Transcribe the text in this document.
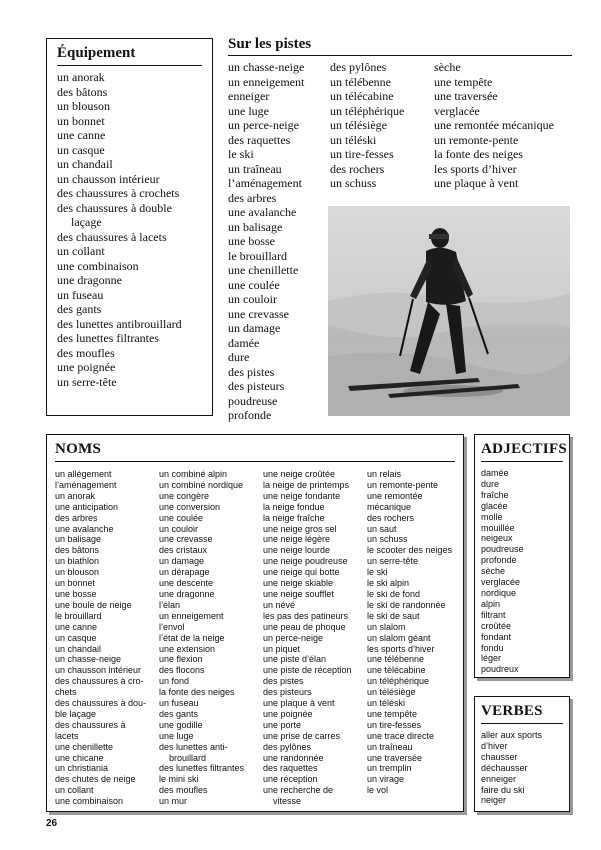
Équipement
un anorak
des bâtons
un blouson
un bonnet
une canne
un casque
un chandail
un chausson intérieur
des chaussures à crochets
des chaussures à double
laçage
des chaussures à lacets
un collant
une combinaison
une dragonne
un fuseau
des gants
des lunettes antibrouillard
des lunettes filtrantes
des moufles
une poignée
un serre-tête
Sur les pistes
un chasse-neige
un enneigement
enneiger
une luge
un perce-neige
des raquettes
le ski
un traîneau
l’aménagement
des arbres
une avalanche
un balisage
une bosse
le brouillard
une chenillette
une coulée
un couloir
une crevasse
un damage
damée
dure
des pistes
des pisteurs
poudreuse
profonde
des pylônes
un télébenne
un télécabine
un téléphérique
un télésiège
un téléski
un tire-fesses
des rochers
un schuss
sèche
une tempête
une traversée
verglacée
une remontée mécanique
un remonte-pente
la fonte des neiges
les sports d’hiver
une plaque à vent
NOMS
un allégement
l’aménagement
un anorak
une anticipation
des arbres
une avalanche
un balisage
des bâtons
un biathlon
un blouson
un bonnet
une bosse
une boule de neige
le brouillard
une canne
un casque
un chandail
un chasse-neige
un chausson intérieur
des chaussures à cro-
chets
des chaussures à dou-
ble laçage
des chaussures à
lacets
une chenillette
une chicane
un christiania
des chutes de neige
un collant
une combinaison
un combiné alpin
un combiné nordique
une congère
une conversion
une coulée
un couloir
une crevasse
des cristaux
un damage
un dérapage
une descente
une dragonne
l’élan
un enneigement
l’envol
l’état de la neige
une extension
une flexion
des flocons
un fond
la fonte des neiges
un fuseau
des gants
une godille
une luge
des lunettes anti-
brouillard
des lunettes filtrantes
le mini ski
des moufles
un mur
une neige croûtée
la neige de printemps
une neige fondante
la neige fondue
la neige fraîche
une neige gros sel
une neige légère
une neige lourde
une neige poudreuse
une neige qui botte
une neige skiable
une neige soufflet
un névé
les pas des patineurs
une peau de phoque
un perce-neige
un piquet
une piste d’élan
une piste de réception
des pistes
des pisteurs
une plaque à vent
une poignée
une porte
une prise de carres
des pylônes
une randonnée
des raquettes
une réception
une recherche de
vitesse
un relais
un remonte-pente
une remontée mécanique
des rochers
un saut
un schuss
le scooter des neiges
un serre-tête
le ski
le ski alpin
le ski de fond
le ski de randonnée
le ski de saut
un slalom
un slalom géant
les sports d’hiver
une télébenne
une télécabine
un téléphérique
un télésiège
un téléski
une tempête
un tire-fesses
une trace directe
un traîneau
une traversée
un tremplin
un virage
le vol
ADJECTIFS
damée
dure
fraîche
glacée
molle
mouillée
neigeux
poudreuse
profonde
sèche
verglacée
nordique
alpin
filtrant
croûtée
fondant
fondu
léger
poudreux
VERBES
aller aux sports
d’hiver
chausser
déchausser
enneiger
faire du ski
neiger

26
